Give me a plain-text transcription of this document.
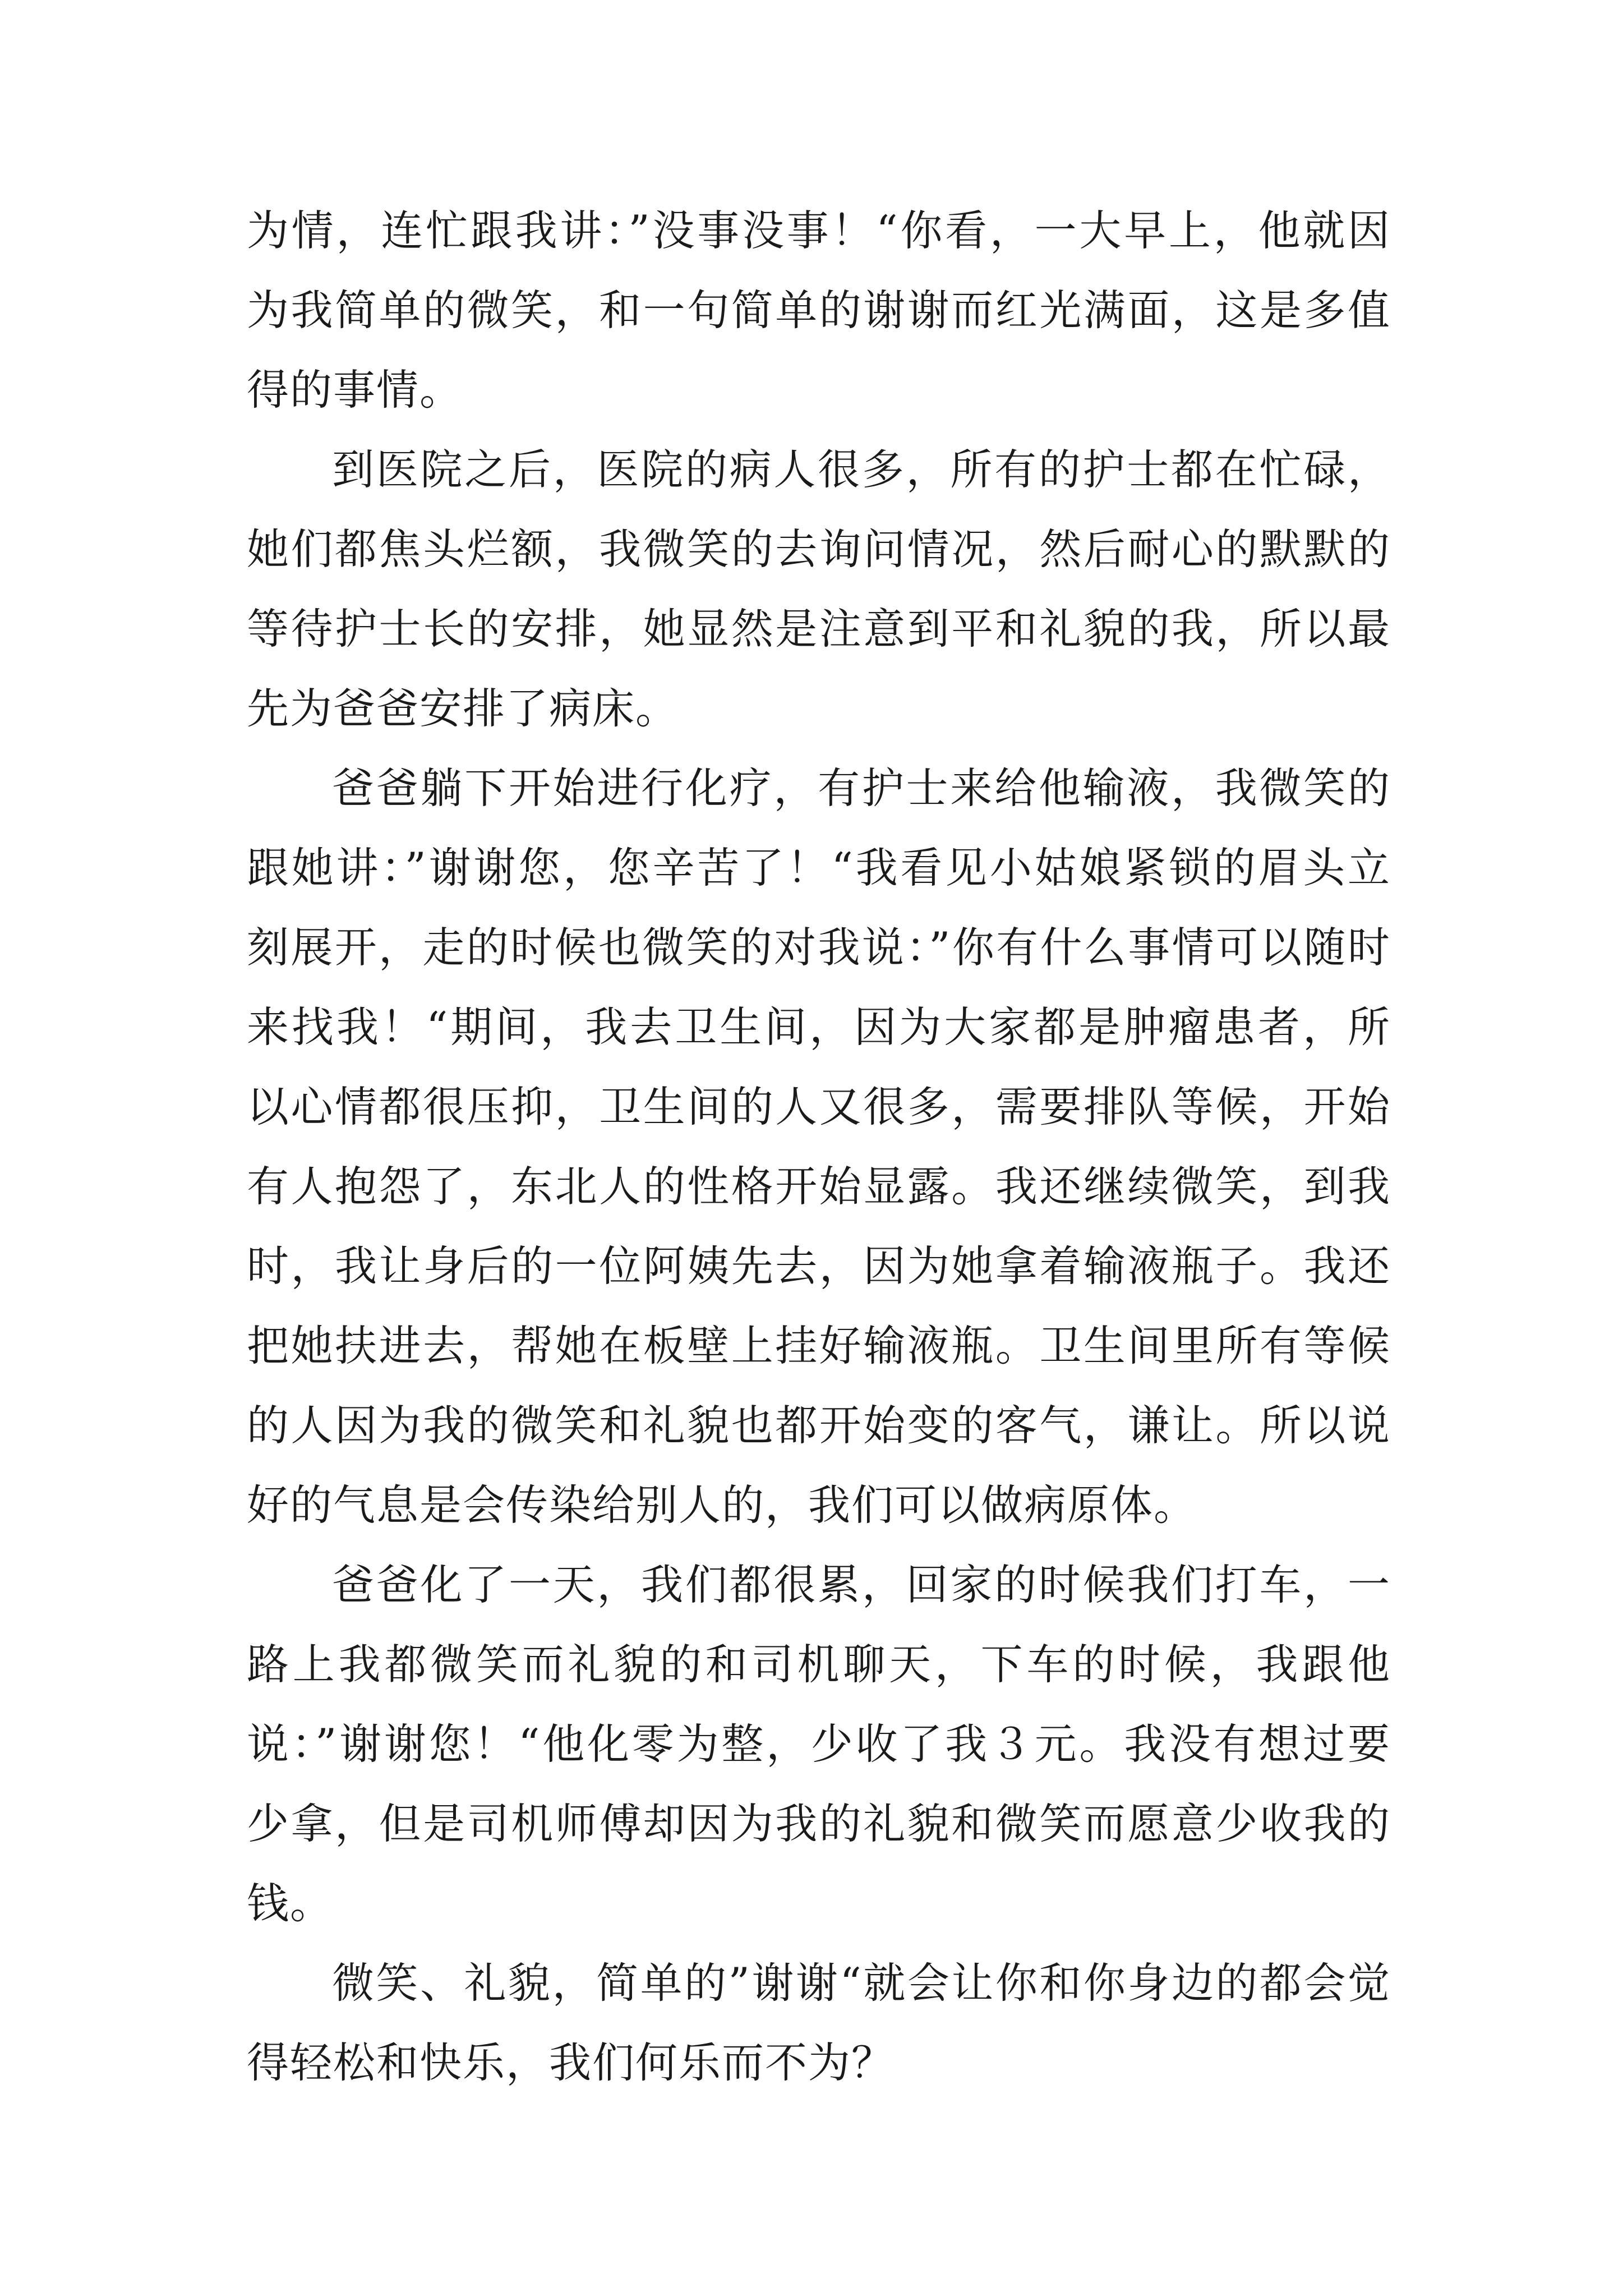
为情，连忙跟我讲：”没事没事！“你看，一大早上，他就因为我简单的微笑，和一句简单的谢谢而红光满面，这是多值得的事情。

到医院之后，医院的病人很多，所有的护士都在忙碌，她们都焦头烂额，我微笑的去询问情况，然后耐心的默默的等待护士长的安排，她显然是注意到平和礼貌的我，所以最先为爸爸安排了病床。

爸爸躺下开始进行化疗，有护士来给他输液，我微笑的跟她讲：”谢谢您，您辛苦了！“我看见小姑娘紧锁的眉头立刻展开，走的时候也微笑的对我说：”你有什么事情可以随时来找我！“期间，我去卫生间，因为大家都是肿瘤患者，所以心情都很压抑，卫生间的人又很多，需要排队等候，开始有人抱怨了，东北人的性格开始显露。我还继续微笑，到我时，我让身后的一位阿姨先去，因为她拿着输液瓶子。我还把她扶进去，帮她在板壁上挂好输液瓶。卫生间里所有等候的人因为我的微笑和礼貌也都开始变的客气，谦让。所以说好的气息是会传染给别人的，我们可以做病原体。

爸爸化了一天，我们都很累，回家的时候我们打车，一路上我都微笑而礼貌的和司机聊天，下车的时候，我跟他说：”谢谢您！“他化零为整，少收了我３元。我没有想过要少拿，但是司机师傅却因为我的礼貌和微笑而愿意少收我的钱。

微笑、礼貌，简单的”谢谢“就会让你和你身边的都会觉得轻松和快乐，我们何乐而不为？
